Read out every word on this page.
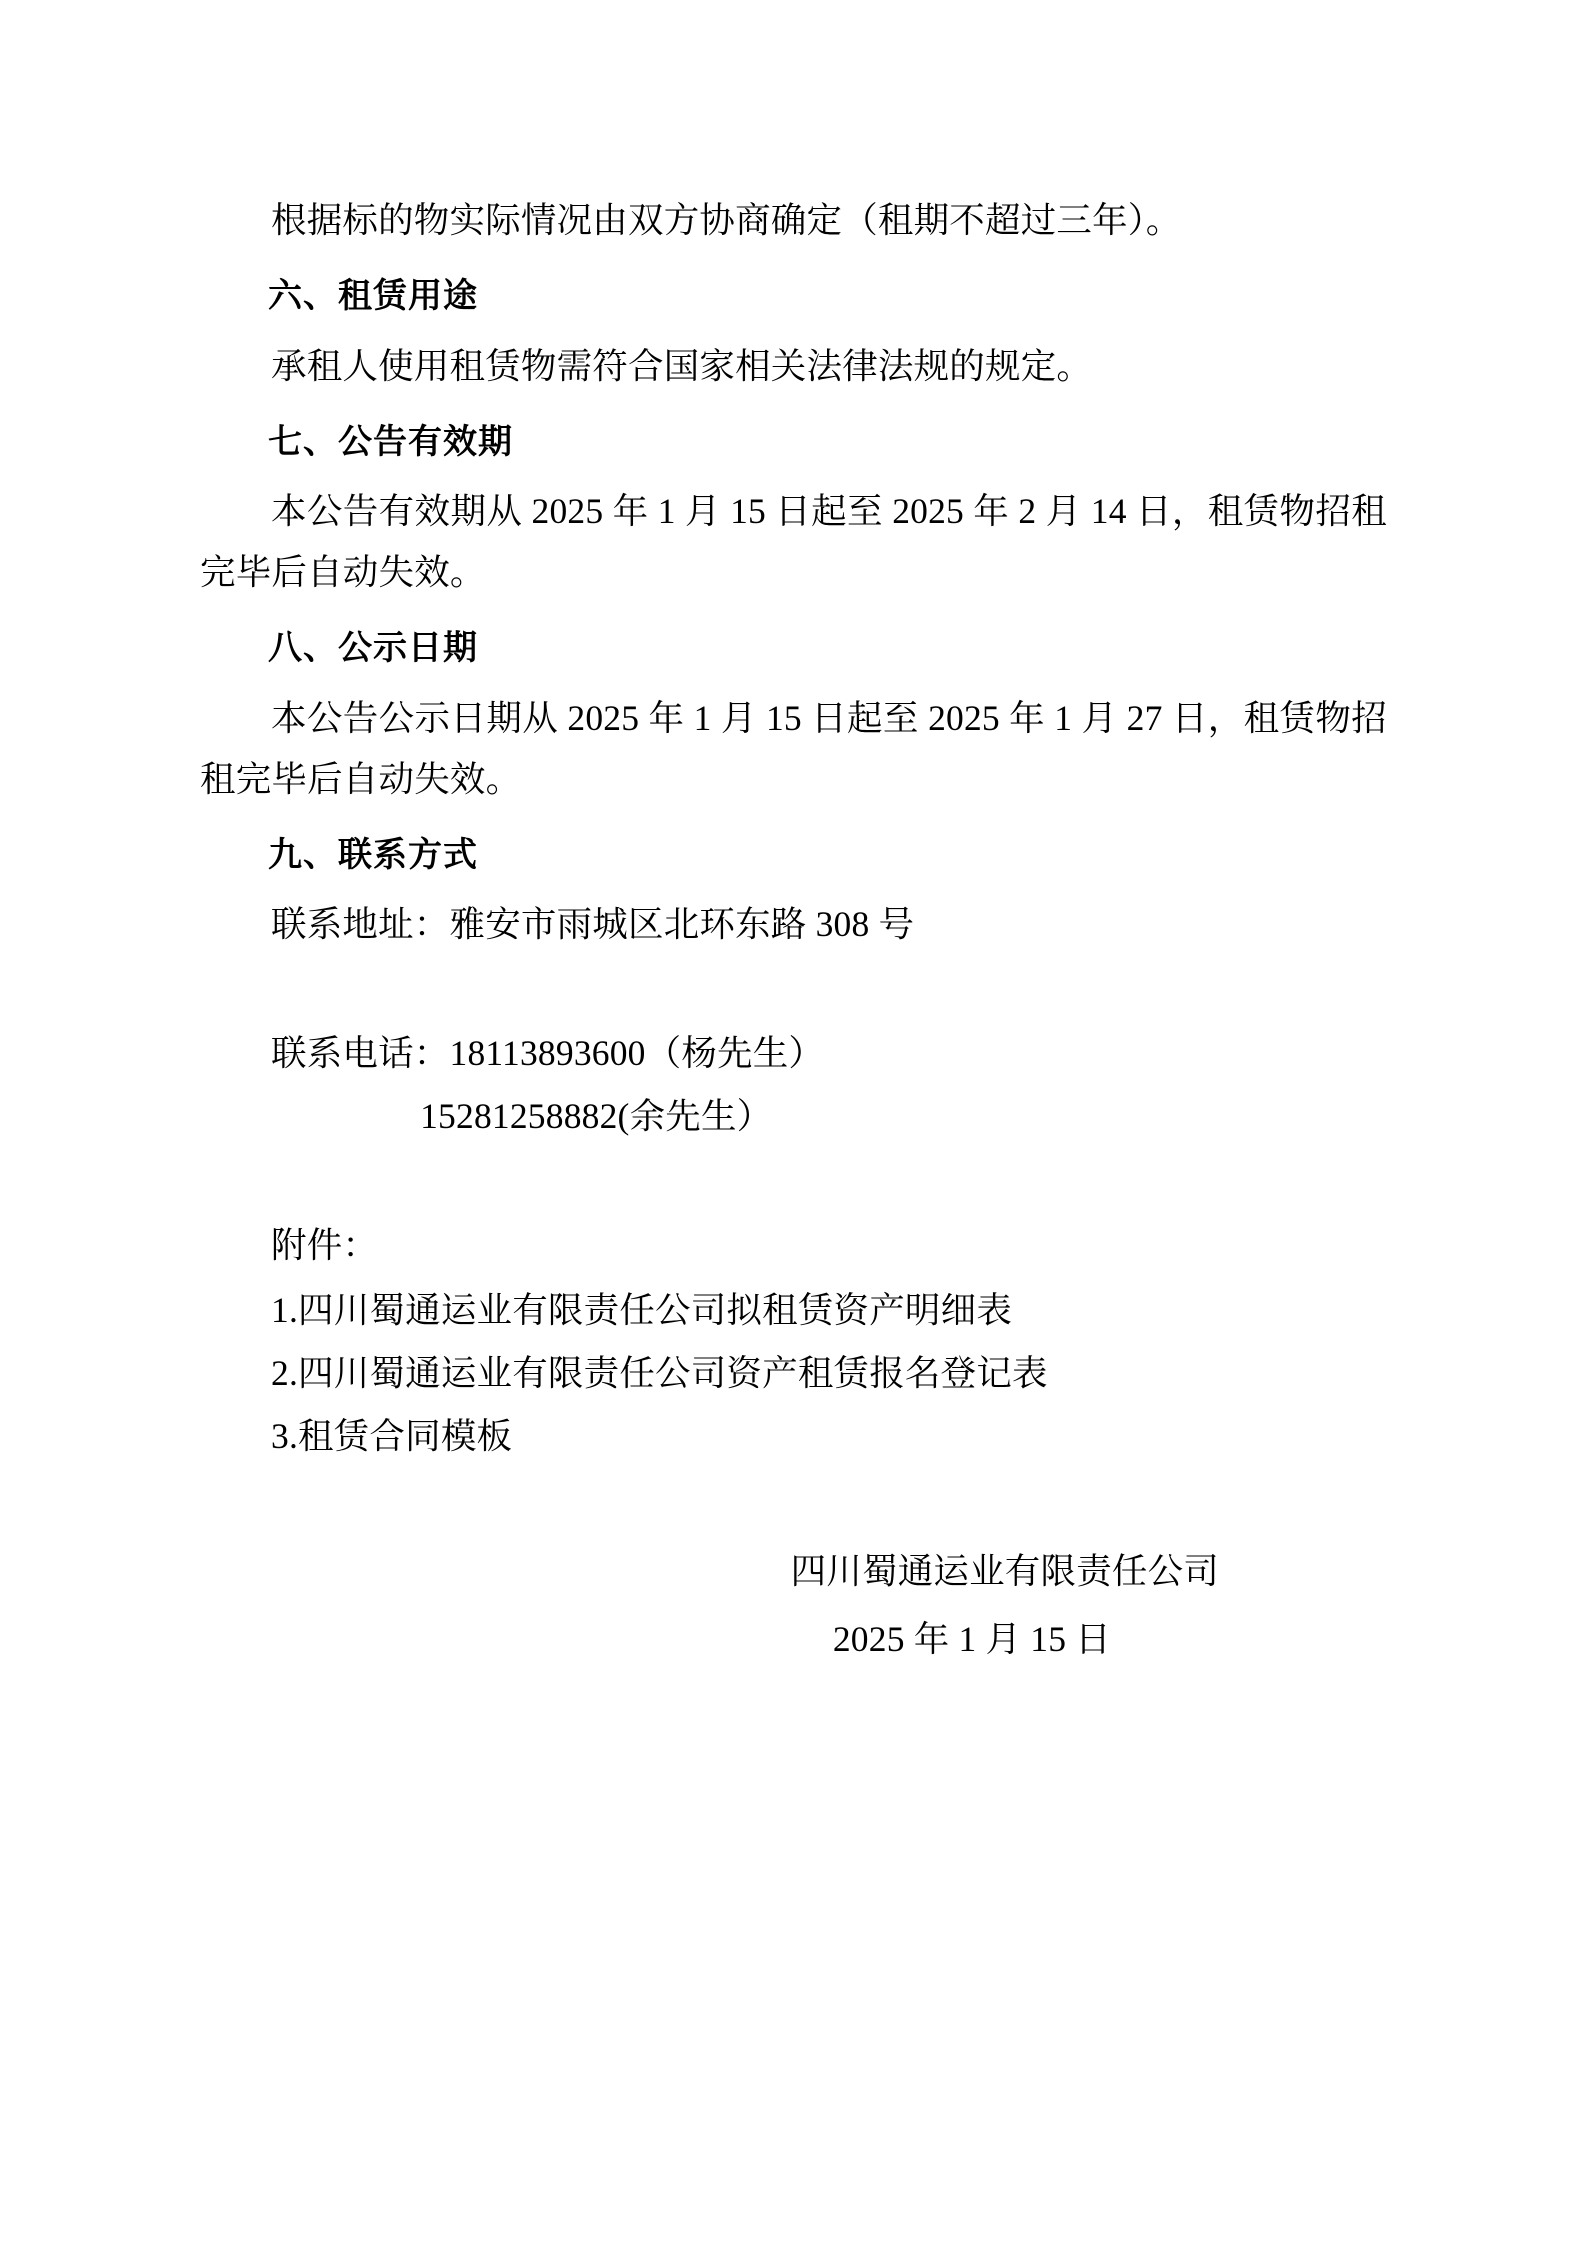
根据标的物实际情况由双方协商确定（租期不超过三年）。

六、租赁用途

承租人使用租赁物需符合国家相关法律法规的规定。

七、公告有效期

本公告有效期从 2025 年 1 月 15 日起至 2025 年 2 月 14 日，租赁物招租完毕后自动失效。

八、公示日期

本公告公示日期从 2025 年 1 月 15 日起至 2025 年 1 月 27 日，租赁物招租完毕后自动失效。

九、联系方式

联系地址：雅安市雨城区北环东路 308 号

联系电话：18113893600（杨先生）

15281258882(余先生）

附件：

1.四川蜀通运业有限责任公司拟租赁资产明细表

2.四川蜀通运业有限责任公司资产租赁报名登记表

3.租赁合同模板

四川蜀通运业有限责任公司

2025 年 1 月 15 日
